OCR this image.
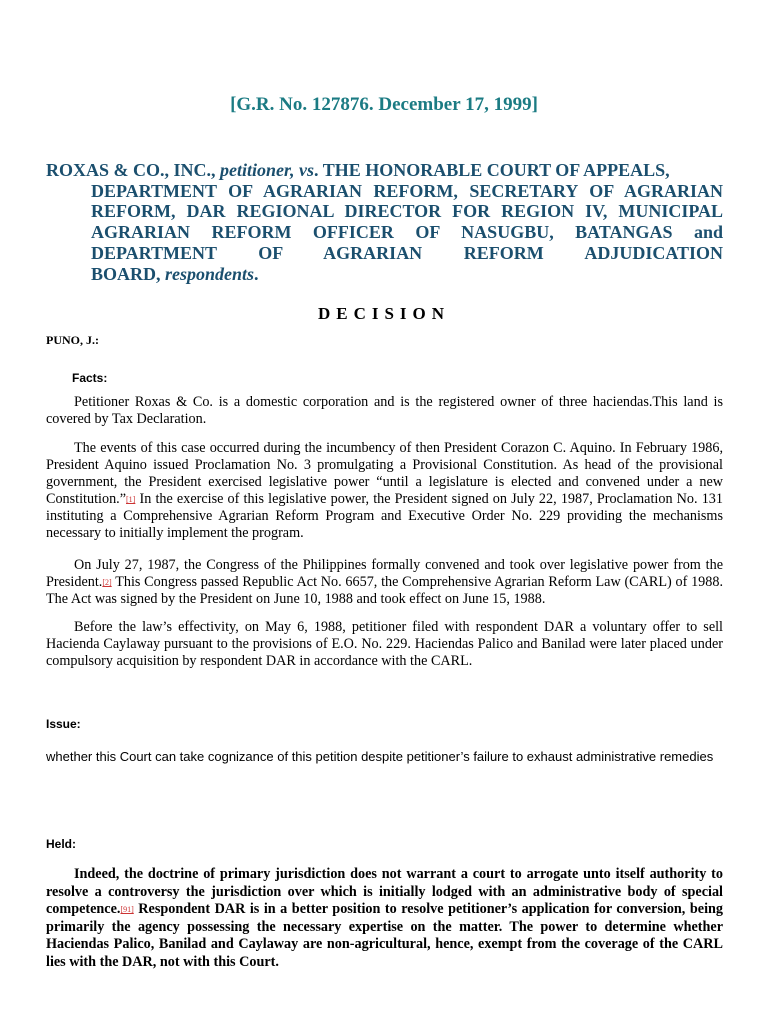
[G.R. No. 127876. December 17, 1999]
ROXAS & CO., INC., petitioner, vs. THE HONORABLE COURT OF APPEALS,
DEPARTMENT OF AGRARIAN REFORM, SECRETARY OF AGRARIAN
REFORM, DAR REGIONAL DIRECTOR FOR REGION IV, MUNICIPAL
AGRARIAN REFORM OFFICER OF NASUGBU, BATANGAS and
DEPARTMENT OF AGRARIAN REFORM ADJUDICATION
BOARD, respondents.
DECISION
PUNO, J.:
Facts:

Petitioner Roxas & Co. is a domestic corporation and is the registered owner of three haciendas.This land is covered by Tax Declaration.

The events of this case occurred during the incumbency of then President Corazon C. Aquino. In February 1986, President Aquino issued Proclamation No. 3 promulgating a Provisional Constitution. As head of the provisional government, the President exercised legislative power “until a legislature is elected and convened under a new Constitution.”[1] In the exercise of this legislative power, the President signed on July 22, 1987, Proclamation No. 131 instituting a Comprehensive Agrarian Reform Program and Executive Order No. 229 providing the mechanisms necessary to initially implement the program.

On July 27, 1987, the Congress of the Philippines formally convened and took over legislative power from the President.[2] This Congress passed Republic Act No. 6657, the Comprehensive Agrarian Reform Law (CARL) of 1988. The Act was signed by the President on June 10, 1988 and took effect on June 15, 1988.

Before the law’s effectivity, on May 6, 1988, petitioner filed with respondent DAR a voluntary offer to sell Hacienda Caylaway pursuant to the provisions of E.O. No. 229. Haciendas Palico and Banilad were later placed under compulsory acquisition by respondent DAR in accordance with the CARL.

Issue:
whether this Court can take cognizance of this petition despite petitioner’s failure to exhaust administrative remedies
Held:

Indeed, the doctrine of primary jurisdiction does not warrant a court to arrogate unto itself authority to resolve a controversy the jurisdiction over which is initially lodged with an administrative body of special competence.[91] Respondent DAR is in a better position to resolve petitioner’s application for conversion, being primarily the agency possessing the necessary expertise on the matter. The power to determine whether Haciendas Palico, Banilad and Caylaway are non-agricultural, hence, exempt from the coverage of the CARL lies with the DAR, not with this Court.
